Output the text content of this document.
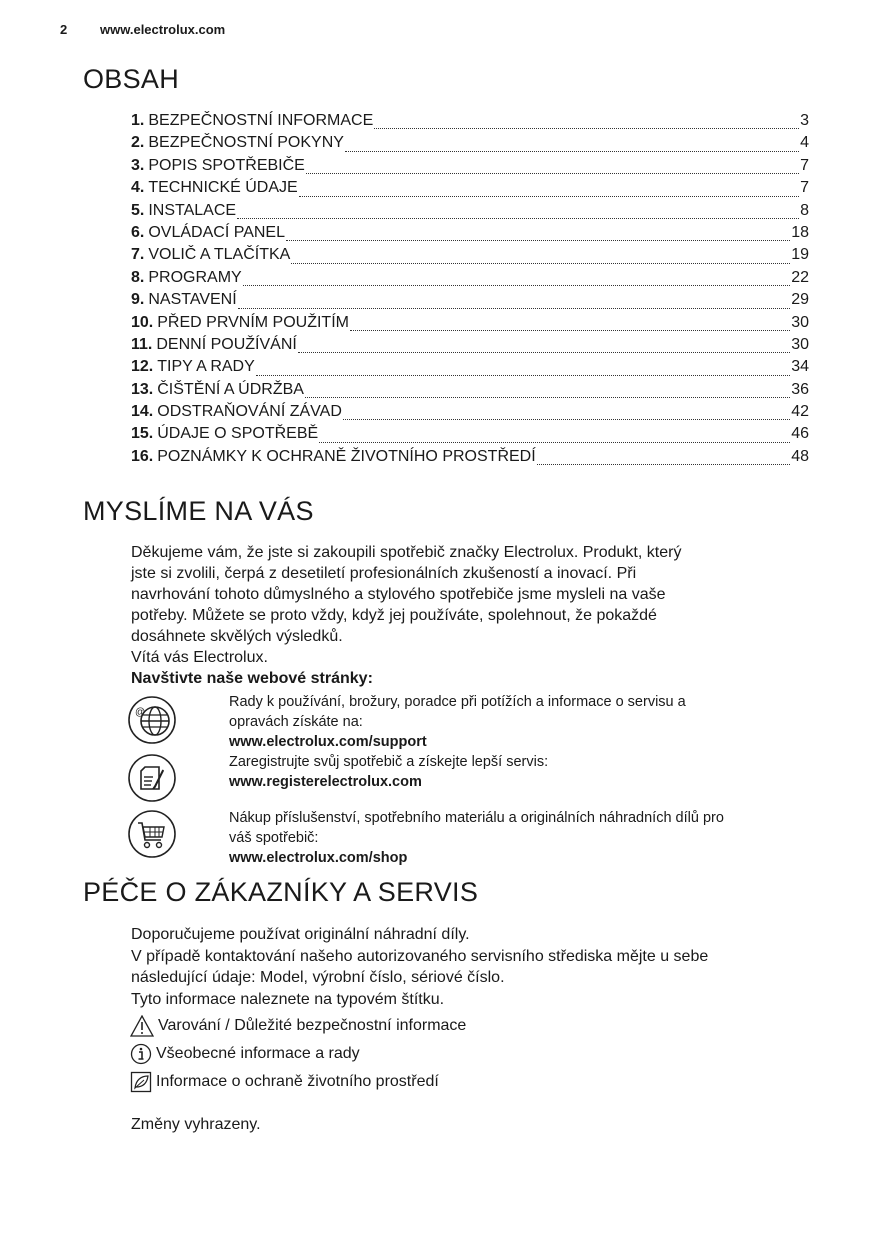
2	www.electrolux.com
OBSAH
1. BEZPEČNOSTNÍ INFORMACE	3
2. BEZPEČNOSTNÍ POKYNY	4
3. POPIS SPOTŘEBIČE	7
4. TECHNICKÉ ÚDAJE	7
5. INSTALACE	8
6. OVLÁDACÍ PANEL	18
7. VOLIČ A TLAČÍTKA	19
8. PROGRAMY	22
9. NASTAVENÍ	29
10. PŘED PRVNÍM POUŽITÍM	30
11. DENNÍ POUŽÍVÁNÍ	30
12. TIPY A RADY	34
13. ČIŠTĚNÍ A ÚDRŽBA	36
14. ODSTRAŇOVÁNÍ ZÁVAD	42
15. ÚDAJE O SPOTŘEBĚ	46
16. POZNÁMKY K OCHRANĚ ŽIVOTNÍHO PROSTŘEDÍ	48
MYSLÍME NA VÁS
Děkujeme vám, že jste si zakoupili spotřebič značky Electrolux. Produkt, který
jste si zvolili, čerpá z desetiletí profesionálních zkušeností a inovací. Při
navrhování tohoto důmyslného a stylového spotřebiče jsme mysleli na vaše
potřeby. Můžete se proto vždy, když jej používáte, spolehnout, že pokaždé
dosáhnete skvělých výsledků.
Vítá vás Electrolux.
Navštivte naše webové stránky:
@
Rady k používání, brožury, poradce při potížích a informace o servisu a
opravách získáte na:
www.electrolux.com/support
Zaregistrujte svůj spotřebič a získejte lepší servis:
www.registerelectrolux.com
Nákup příslušenství, spotřebního materiálu a originálních náhradních dílů pro
váš spotřebič:
www.electrolux.com/shop
PÉČE O ZÁKAZNÍKY A SERVIS
Doporučujeme používat originální náhradní díly.
V případě kontaktování našeho autorizovaného servisního střediska mějte u sebe
následující údaje: Model, výrobní číslo, sériové číslo.
Tyto informace naleznete na typovém štítku.
Varování / Důležité bezpečnostní informace
Všeobecné informace a rady
Informace o ochraně životního prostředí
Změny vyhrazeny.
